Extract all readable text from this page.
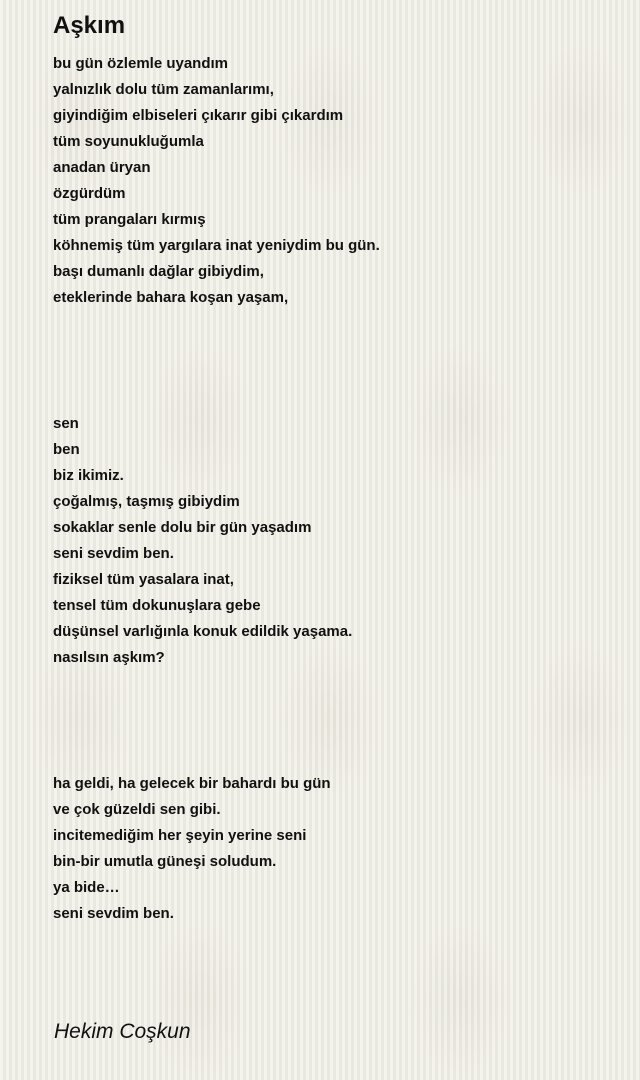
Aşkım

bu gün özlemle uyandım
yalnızlık dolu tüm zamanlarımı,
giyindiğim elbiseleri çıkarır gibi çıkardım
tüm soyunukluğumla
anadan üryan
özgürdüm
tüm prangaları kırmış
köhnemiş tüm yargılara inat yeniydim bu gün.
başı dumanlı dağlar gibiydim,
eteklerinde bahara koşan yaşam,

sen
ben
biz ikimiz.
çoğalmış, taşmış gibiydim
sokaklar senle dolu bir gün yaşadım
seni sevdim ben.
fiziksel tüm yasalara inat,
tensel tüm dokunuşlara gebe
düşünsel varlığınla konuk edildik yaşama.
nasılsın aşkım?

ha geldi, ha gelecek bir bahardı bu gün
ve çok güzeldi sen gibi.
incitemediğim her şeyin yerine seni
bin-bir umutla güneşi soludum.
ya bide…
seni sevdim ben.

Hekim Coşkun
